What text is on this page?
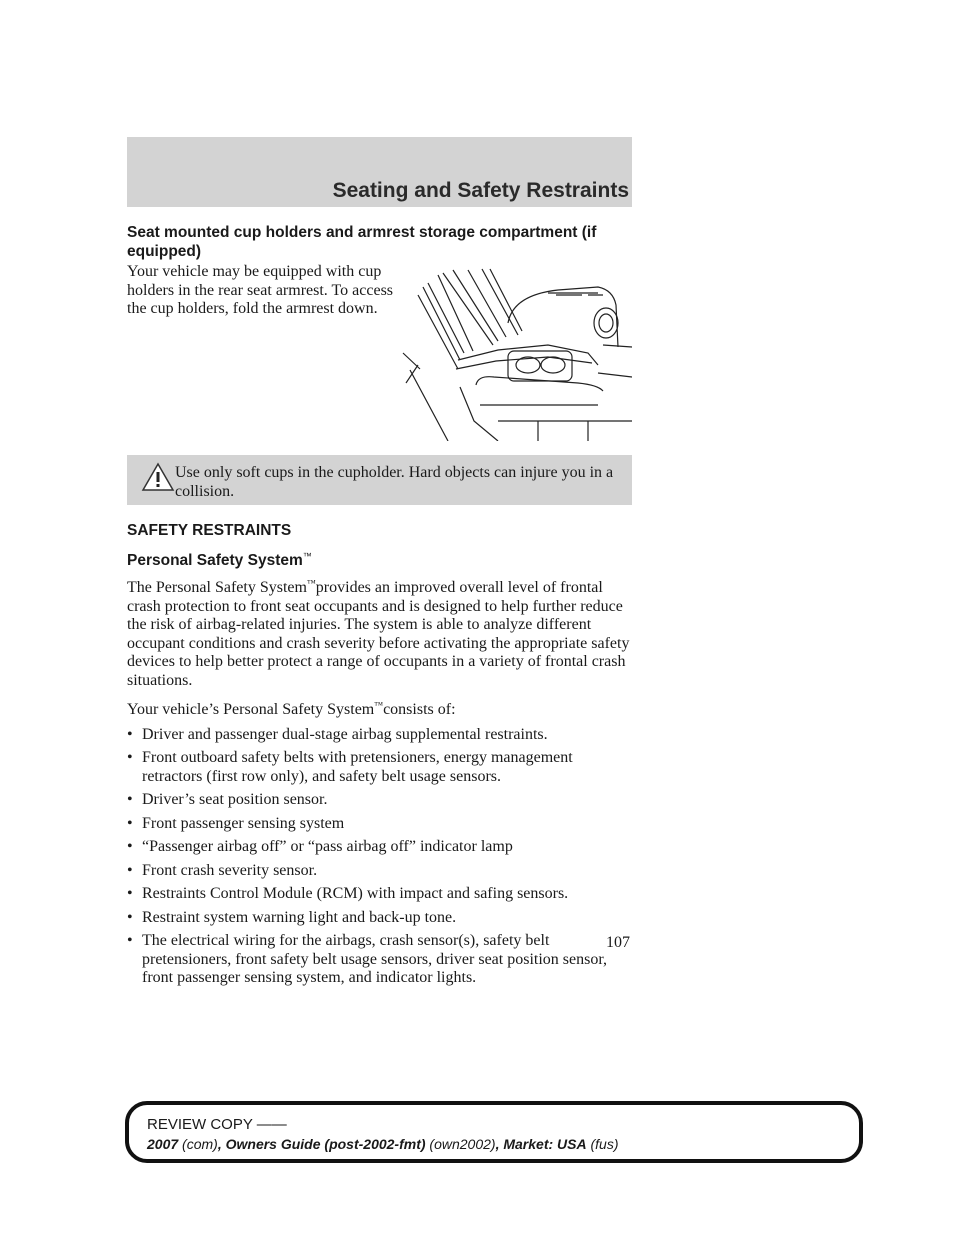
Seating and Safety Restraints
Seat mounted cup holders and armrest storage compartment (if equipped)

Your vehicle may be equipped with cup holders in the rear seat armrest. To access the cup holders, fold the armrest down.

Use only soft cups in the cupholder. Hard objects can injure you in a collision.

SAFETY RESTRAINTS
Personal Safety System™

The Personal Safety System™provides an improved overall level of frontal crash protection to front seat occupants and is designed to help further reduce the risk of airbag-related injuries. The system is able to analyze different occupant conditions and crash severity before activating the appropriate safety devices to help better protect a range of occupants in a variety of frontal crash situations.

Your vehicle’s Personal Safety System™consists of:

• Driver and passenger dual-stage airbag supplemental restraints.
• Front outboard safety belts with pretensioners, energy management retractors (first row only), and safety belt usage sensors.
• Driver’s seat position sensor.
• Front passenger sensing system
• “Passenger airbag off” or “pass airbag off” indicator lamp
• Front crash severity sensor.
• Restraints Control Module (RCM) with impact and safing sensors.
• Restraint system warning light and back-up tone.
• The electrical wiring for the airbags, crash sensor(s), safety belt pretensioners, front safety belt usage sensors, driver seat position sensor, front passenger sensing system, and indicator lights.
107
REVIEW COPY ——
2007 (com), Owners Guide (post-2002-fmt) (own2002), Market: USA (fus)
